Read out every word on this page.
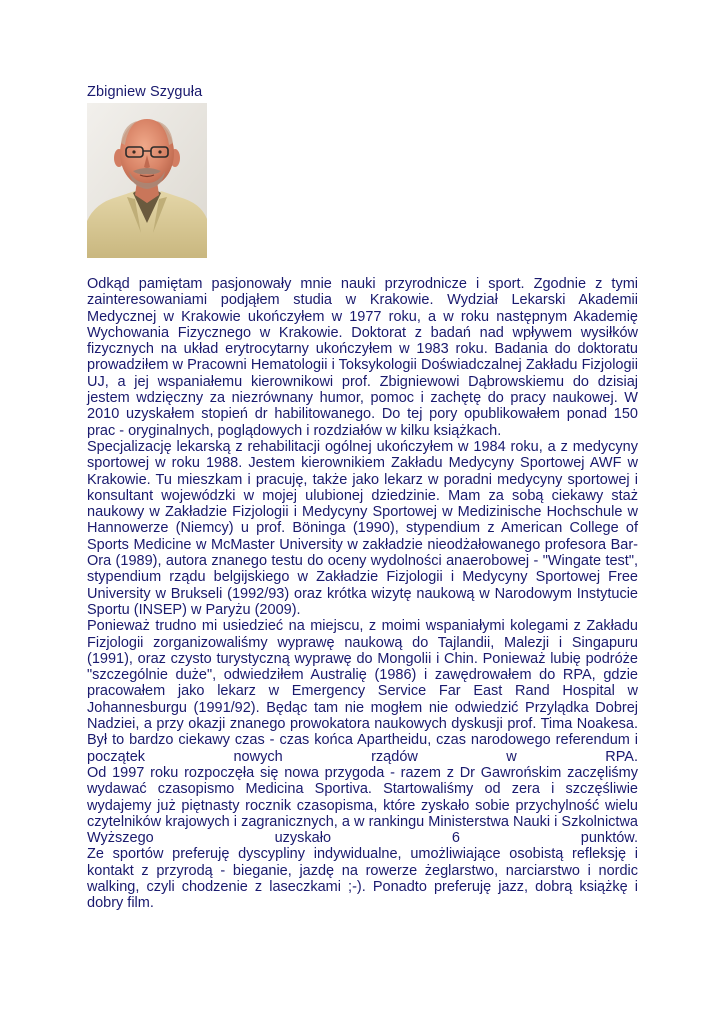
Zbigniew Szyguła

Odkąd pamiętam pasjonowały mnie nauki przyrodnicze i sport. Zgodnie z tymi zainteresowaniami podjąłem studia w Krakowie. Wydział Lekarski Akademii Medycznej w Krakowie ukończyłem w 1977 roku, a w roku następnym Akademię Wychowania Fizycznego w Krakowie. Doktorat z badań nad wpływem wysiłków fizycznych na układ erytrocytarny ukończyłem w 1983 roku. Badania do doktoratu prowadziłem w Pracowni Hematologii i Toksykologii Doświadczalnej Zakładu Fizjologii UJ, a jej wspaniałemu kierownikowi prof. Zbigniewowi Dąbrowskiemu do dzisiaj jestem wdzięczny za niezrównany humor, pomoc i zachętę do pracy naukowej. W 2010 uzyskałem stopień dr habilitowanego. Do tej pory opublikowałem ponad 150 prac - oryginalnych, poglądowych i rozdziałów w kilku książkach.

Specjalizację lekarską z rehabilitacji ogólnej ukończyłem w 1984 roku, a z medycyny sportowej w roku 1988. Jestem kierownikiem Zakładu Medycyny Sportowej AWF w Krakowie. Tu mieszkam i pracuję, także jako lekarz w poradni medycyny sportowej i konsultant wojewódzki w mojej ulubionej dziedzinie. Mam za sobą ciekawy staż naukowy w Zakładzie Fizjologii i Medycyny Sportowej w Medizinische Hochschule w Hannowerze (Niemcy) u prof. Böninga (1990), stypendium z American College of Sports Medicine w McMaster University w zakładzie nieodżałowanego profesora Bar-Ora (1989), autora znanego testu do oceny wydolności anaerobowej - "Wingate test", stypendium rządu belgijskiego w Zakładzie Fizjologii i Medycyny Sportowej Free University w Brukseli (1992/93) oraz krótka wizytę naukową w Narodowym Instytucie Sportu (INSEP) w Paryżu (2009).

Ponieważ trudno mi usiedzieć na miejscu, z moimi wspaniałymi kolegami z Zakładu Fizjologii zorganizowaliśmy wyprawę naukową do Tajlandii, Malezji i Singapuru (1991), oraz czysto turystyczną wyprawę do Mongolii i Chin. Ponieważ lubię podróże "szczególnie duże", odwiedziłem Australię (1986) i zawędrowałem do RPA, gdzie pracowałem jako lekarz w Emergency Service Far East Rand Hospital w Johannesburgu (1991/92). Będąc tam nie mogłem nie odwiedzić Przylądka Dobrej Nadziei, a przy okazji znanego prowokatora naukowych dyskusji prof. Tima Noakesa. Był to bardzo ciekawy czas - czas końca Apartheidu, czas narodowego referendum i początek nowych rządów w RPA.

Od 1997 roku rozpoczęła się nowa przygoda - razem z Dr Gawrońskim zaczęliśmy wydawać czasopismo Medicina Sportiva. Startowaliśmy od zera i szczęśliwie wydajemy już piętnasty rocznik czasopisma, które zyskało sobie przychylność wielu czytelników krajowych i zagranicznych, a w rankingu Ministerstwa Nauki i Szkolnictwa Wyższego uzyskało 6 punktów.

Ze sportów preferuję dyscypliny indywidualne, umożliwiające osobistą refleksję i kontakt z przyrodą - bieganie, jazdę na rowerze żeglarstwo, narciarstwo i nordic walking, czyli chodzenie z laseczkami ;-). Ponadto preferuję jazz, dobrą książkę i dobry film.
